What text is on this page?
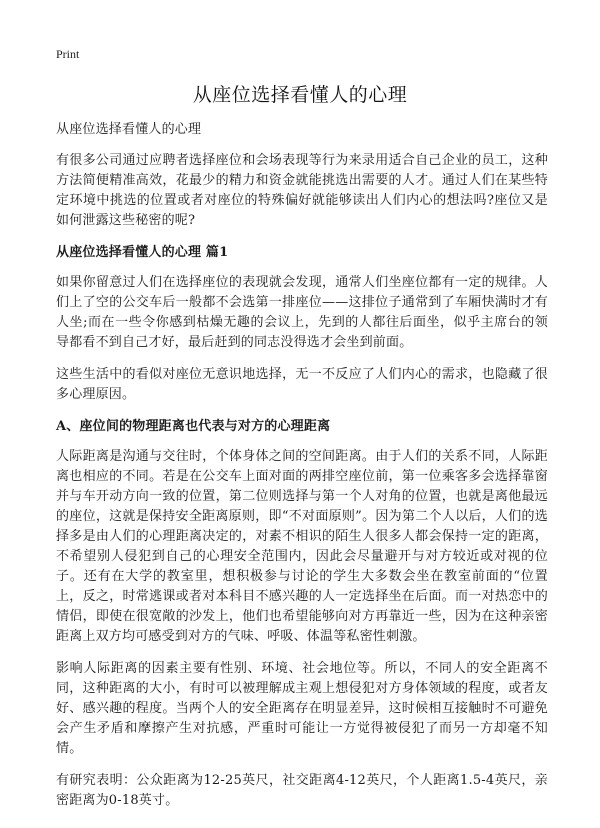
Print
从座位选择看懂人的心理

从座位选择看懂人的心理

有很多公司通过应聘者选择座位和会场表现等行为来录用适合自己企业的员工，这种方法简便精准高效，花最少的精力和资金就能挑选出需要的人才。通过人们在某些特定环境中挑选的位置或者对座位的特殊偏好就能够读出人们内心的想法吗?座位又是如何泄露这些秘密的呢?

从座位选择看懂人的心理 篇1

如果你留意过人们在选择座位的表现就会发现，通常人们坐座位都有一定的规律。人们上了空的公交车后一般都不会选第一排座位——这排位子通常到了车厢快满时才有人坐;而在一些令你感到枯燥无趣的会议上，先到的人都往后面坐，似乎主席台的领导都看不到自己才好，最后赶到的同志没得选才会坐到前面。

这些生活中的看似对座位无意识地选择，无一不反应了人们内心的需求，也隐藏了很多心理原因。

A、座位间的物理距离也代表与对方的心理距离

人际距离是沟通与交往时，个体身体之间的空间距离。由于人们的关系不同，人际距离也相应的不同。若是在公交车上面对面的两排空座位前，第一位乘客多会选择靠窗并与车开动方向一致的位置，第二位则选择与第一个人对角的位置，也就是离他最远的座位，这就是保持安全距离原则，即“不对面原则”。因为第二个人以后，人们的选择多是由人们的心理距离决定的，对素不相识的陌生人很多人都会保持一定的距离，不希望别人侵犯到自己的心理安全范围内，因此会尽量避开与对方较近或对视的位子。还有在大学的教室里，想积极参与讨论的学生大多数会坐在教室前面的“位置上，反之，时常逃课或者对本科目不感兴趣的人一定选择坐在后面。而一对热恋中的情侣，即使在很宽敞的沙发上，他们也希望能够向对方再靠近一些，因为在这种亲密距离上双方均可感受到对方的气味、呼吸、体温等私密性刺激。

影响人际距离的因素主要有性别、环境、社会地位等。所以，不同人的安全距离不同，这种距离的大小，有时可以被理解成主观上想侵犯对方身体领域的程度，或者友好、感兴趣的程度。当两个人的安全距离存在明显差异，这时候相互接触时不可避免会产生矛盾和摩擦产生对抗感，严重时可能让一方觉得被侵犯了而另一方却毫不知情。

有研究表明：公众距离为12-25英尺，社交距离4-12英尺，个人距离1.5-4英尺，亲密距离为0-18英寸。
